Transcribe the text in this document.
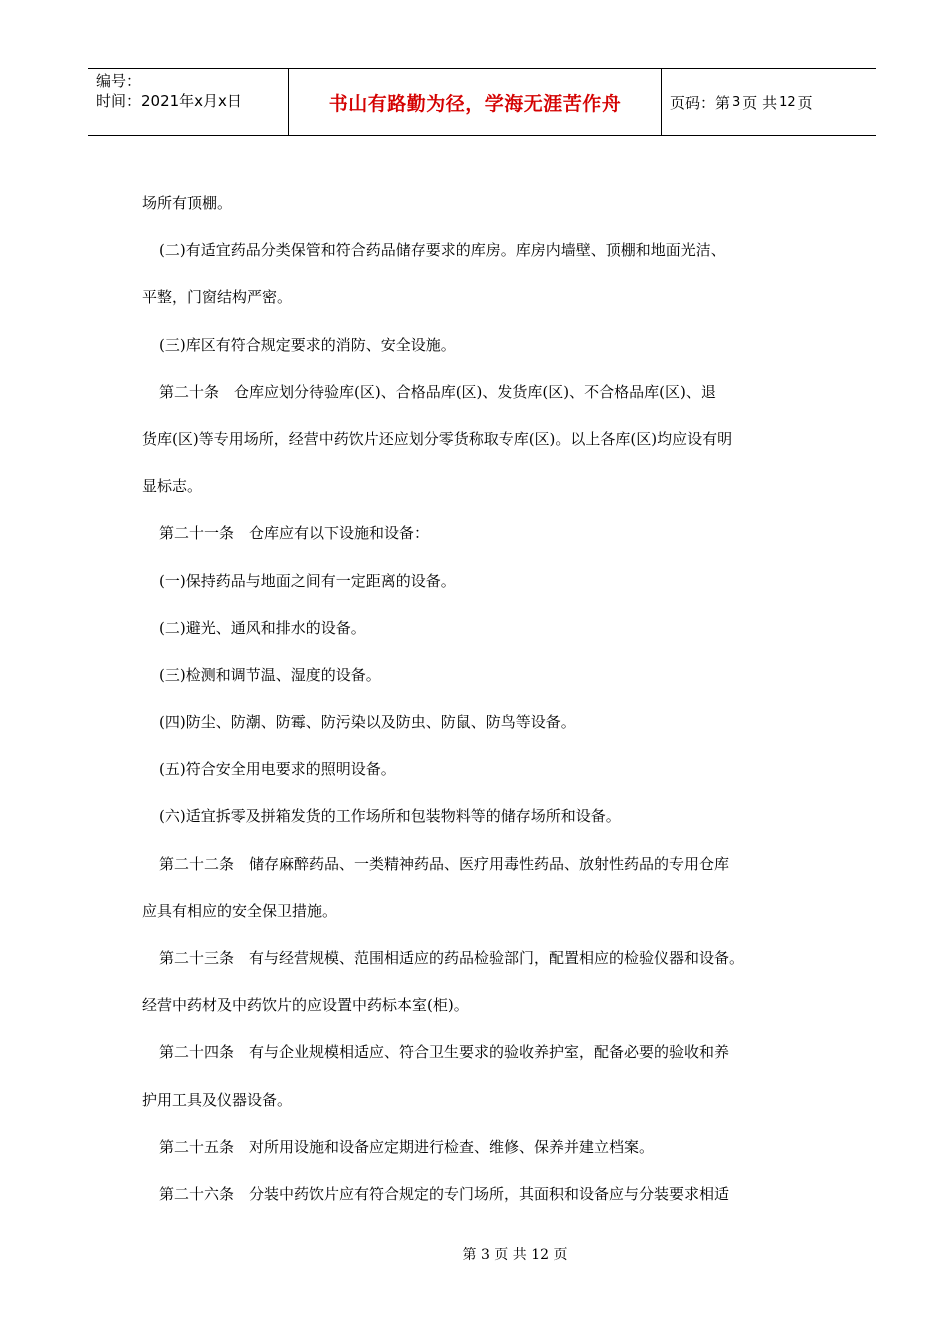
编号：
时间：2021年x月x日	书山有路勤为径，学海无涯苦作舟	页码：第 3 页 共 12 页

场所有顶棚。

(二)有适宜药品分类保管和符合药品储存要求的库房。库房内墙壁、顶棚和地面光洁、

平整，门窗结构严密。

(三)库区有符合规定要求的消防、安全设施。

第二十条　仓库应划分待验库(区)、合格品库(区)、发货库(区)、不合格品库(区)、退

货库(区)等专用场所，经营中药饮片还应划分零货称取专库(区)。以上各库(区)均应设有明

显标志。

第二十一条　仓库应有以下设施和设备：

(一)保持药品与地面之间有一定距离的设备。

(二)避光、通风和排水的设备。

(三)检测和调节温、湿度的设备。

(四)防尘、防潮、防霉、防污染以及防虫、防鼠、防鸟等设备。

(五)符合安全用电要求的照明设备。

(六)适宜拆零及拼箱发货的工作场所和包装物料等的储存场所和设备。

第二十二条　储存麻醉药品、一类精神药品、医疗用毒性药品、放射性药品的专用仓库

应具有相应的安全保卫措施。

第二十三条　有与经营规模、范围相适应的药品检验部门，配置相应的检验仪器和设备。

经营中药材及中药饮片的应设置中药标本室(柜)。

第二十四条　有与企业规模相适应、符合卫生要求的验收养护室，配备必要的验收和养

护用工具及仪器设备。

第二十五条　对所用设施和设备应定期进行检查、维修、保养并建立档案。

第二十六条　分装中药饮片应有符合规定的专门场所，其面积和设备应与分装要求相适

第 3 页 共 12 页
